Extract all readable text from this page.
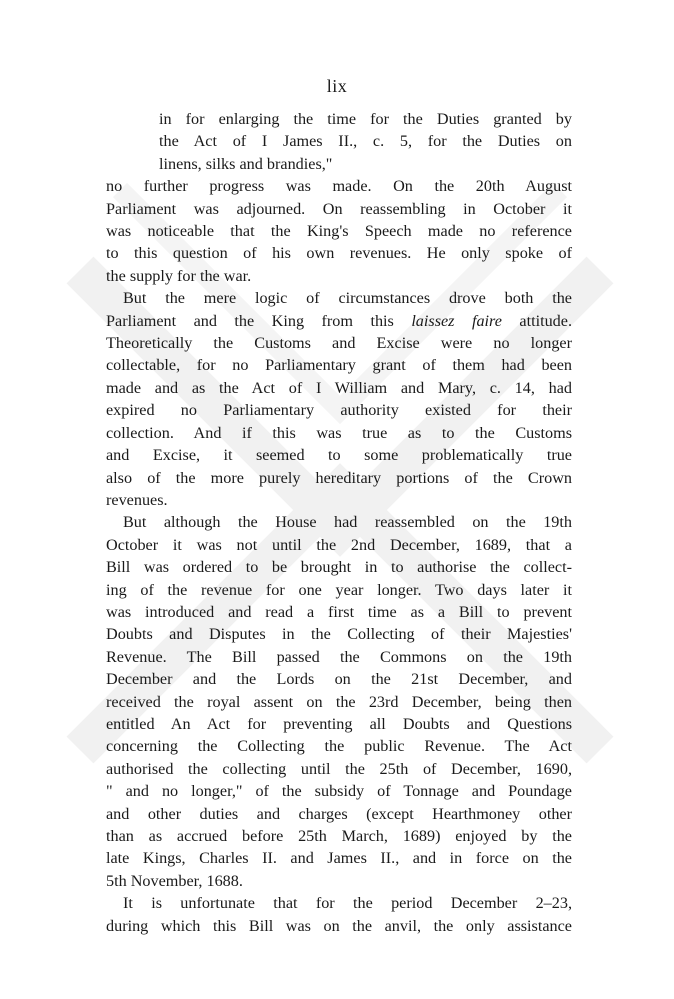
lix
in for enlarging the time for the Duties granted by
the Act of I James II., c. 5, for the Duties on
linens, silks and brandies,"
no further progress was made. On the 20th August
Parliament was adjourned. On reassembling in October it
was noticeable that the King's Speech made no reference
to this question of his own revenues. He only spoke of
the supply for the war.
But the mere logic of circumstances drove both the
Parliament and the King from this laissez faire attitude.
Theoretically the Customs and Excise were no longer
collectable, for no Parliamentary grant of them had been
made and as the Act of I William and Mary, c. 14, had
expired no Parliamentary authority existed for their
collection. And if this was true as to the Customs
and Excise, it seemed to some problematically true
also of the more purely hereditary portions of the Crown
revenues.
But although the House had reassembled on the 19th
October it was not until the 2nd December, 1689, that a
Bill was ordered to be brought in to authorise the collect-
ing of the revenue for one year longer. Two days later it
was introduced and read a first time as a Bill to prevent
Doubts and Disputes in the Collecting of their Majesties'
Revenue. The Bill passed the Commons on the 19th
December and the Lords on the 21st December, and
received the royal assent on the 23rd December, being then
entitled An Act for preventing all Doubts and Questions
concerning the Collecting the public Revenue. The Act
authorised the collecting until the 25th of December, 1690,
" and no longer," of the subsidy of Tonnage and Poundage
and other duties and charges (except Hearthmoney other
than as accrued before 25th March, 1689) enjoyed by the
late Kings, Charles II. and James II., and in force on the
5th November, 1688.
It is unfortunate that for the period December 2–23,
during which this Bill was on the anvil, the only assistance
